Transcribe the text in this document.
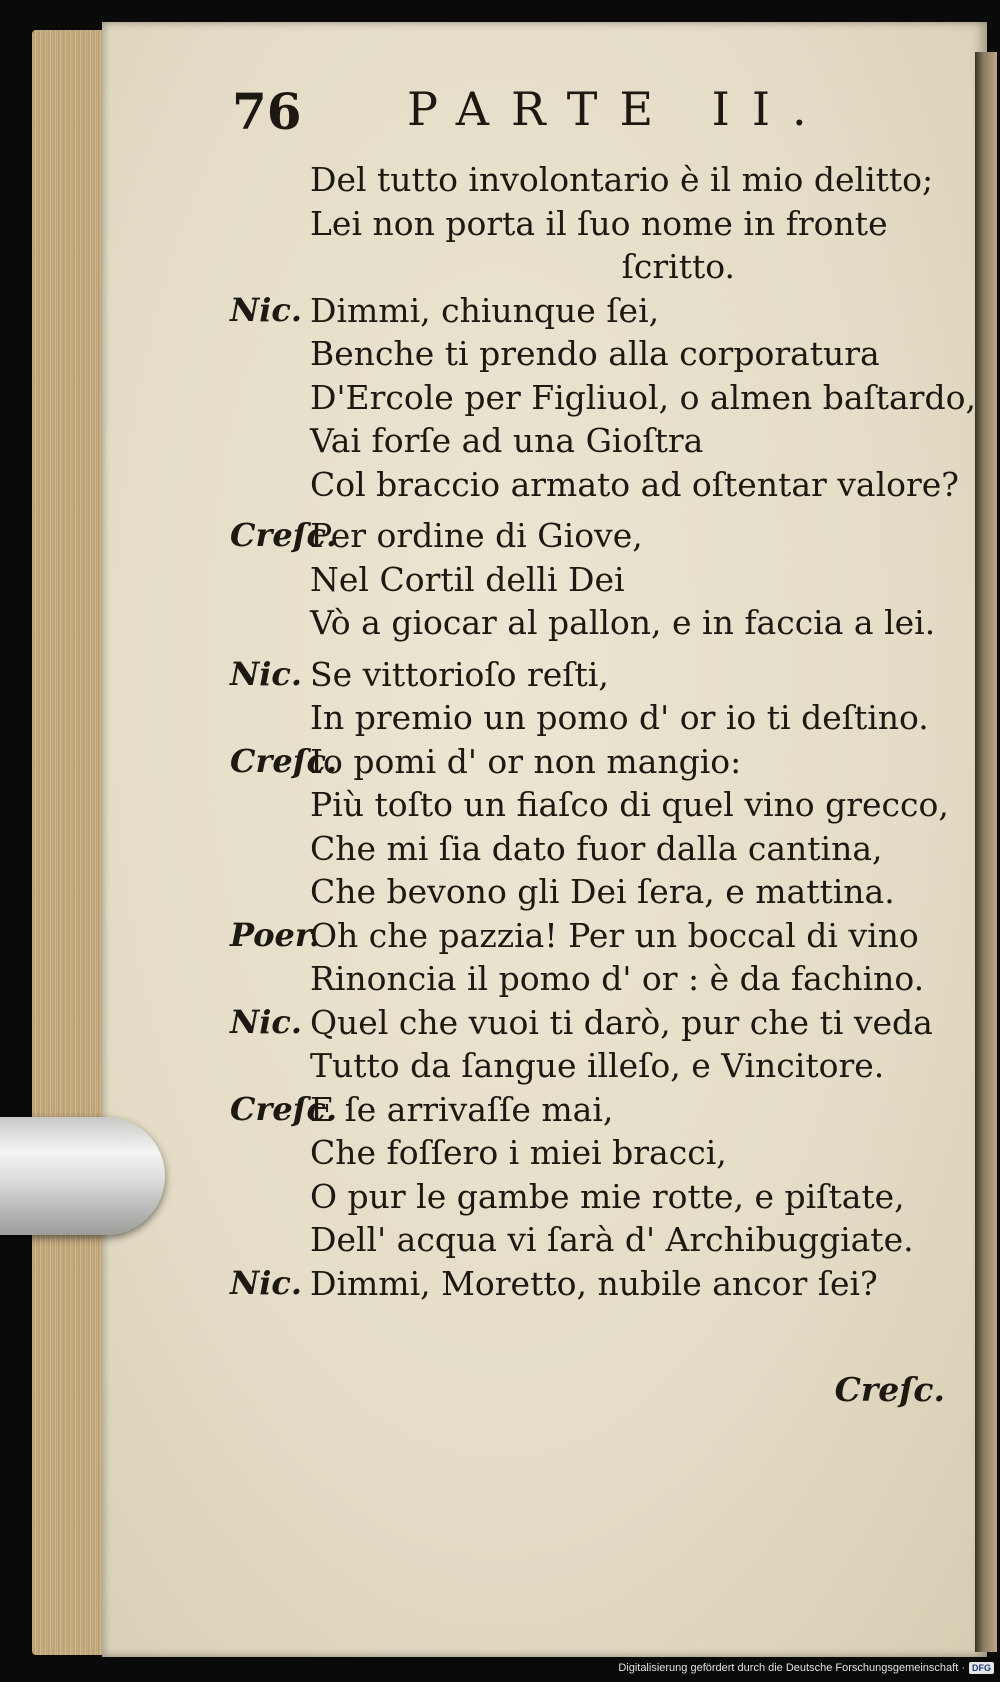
76 PARTE II.
Del tutto involontario è il mio delitto;
Lei non porta il ſuo nome in fronte
ſcritto.
Nic. Dimmi, chiunque ſei,
Benche ti prendo alla corporatura
D'Ercole per Figliuol, o almen baſtardo,
Vai forſe ad una Gioſtra
Col braccio armato ad oſtentar valore?
Creſc.
Per ordine di Giove,
Nel Cortil delli Dei
Vò a giocar al pallon, e in faccia a lei.
Nic. Se vittorioſo reſti,
In premio un pomo d' or io ti deſtino.
Creſc.
Io pomi d' or non mangio:
Più toſto un fiaſco di quel vino grecco,
Che mi ſia dato fuor dalla cantina,
Che bevono gli Dei ſera, e mattina.
Poer.
Oh che pazzia! Per un boccal di vino
Rinoncia il pomo d' or : è da fachino.
Nic. Quel che vuoi ti darò, pur che ti veda
Tutto da ſangue illeſo, e Vincitore.
Creſc.
E ſe arrivaſſe mai,
Che foſſero i miei bracci,
O pur le gambe mie rotte, e piſtate,
Dell' acqua vi ſarà d' Archibuggiate.
Nic. Dimmi, Moretto, nubile ancor ſei?
Creſc.
Digitalisierung gefördert durch die Deutsche Forschungsgemeinschaft · DFG
